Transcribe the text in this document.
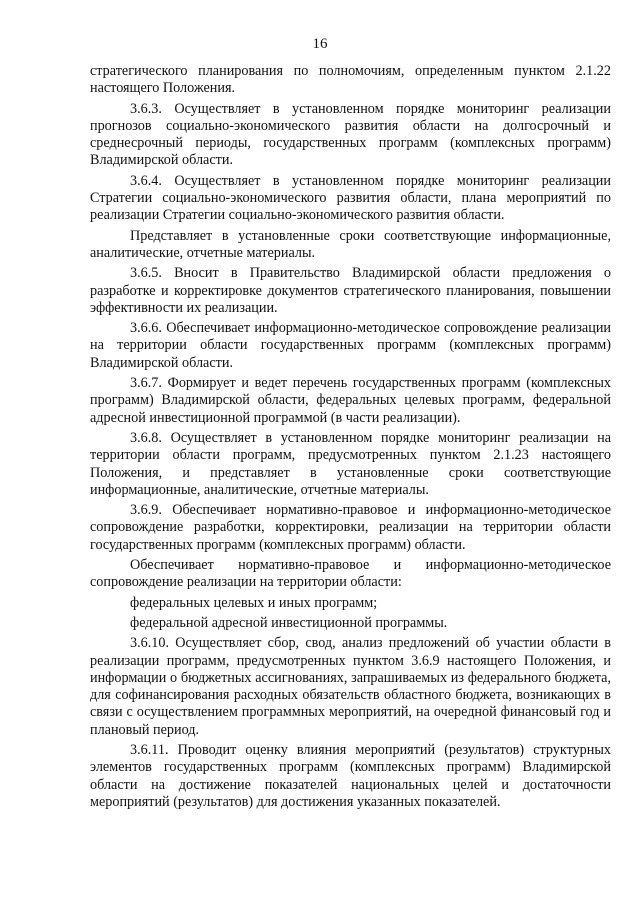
16

стратегического планирования по полномочиям, определенным пунктом 2.1.22 настоящего Положения.

3.6.3. Осуществляет в установленном порядке мониторинг реализации прогнозов социально-экономического развития области на долгосрочный и среднесрочный периоды, государственных программ (комплексных программ) Владимирской области.

3.6.4. Осуществляет в установленном порядке мониторинг реализации Стратегии социально-экономического развития области, плана мероприятий по реализации Стратегии социально-экономического развития области.

Представляет в установленные сроки соответствующие информационные, аналитические, отчетные материалы.

3.6.5. Вносит в Правительство Владимирской области предложения о разработке и корректировке документов стратегического планирования, повышении эффективности их реализации.

3.6.6. Обеспечивает информационно-методическое сопровождение реализации на территории области государственных программ (комплексных программ) Владимирской области.

3.6.7. Формирует и ведет перечень государственных программ (комплексных программ) Владимирской области, федеральных целевых программ, федеральной адресной инвестиционной программой (в части реализации).

3.6.8. Осуществляет в установленном порядке мониторинг реализации на территории области программ, предусмотренных пунктом 2.1.23 настоящего Положения, и представляет в установленные сроки соответствующие информационные, аналитические, отчетные материалы.

3.6.9. Обеспечивает нормативно-правовое и информационно-методическое сопровождение разработки, корректировки, реализации на территории области государственных программ (комплексных программ) области.

Обеспечивает нормативно-правовое и информационно-методическое сопровождение реализации на территории области:

федеральных целевых и иных программ;

федеральной адресной инвестиционной программы.

3.6.10. Осуществляет сбор, свод, анализ предложений об участии области в реализации программ, предусмотренных пунктом 3.6.9 настоящего Положения, и информации о бюджетных ассигнованиях, запрашиваемых из федерального бюджета, для софинансирования расходных обязательств областного бюджета, возникающих в связи с осуществлением программных мероприятий, на очередной финансовый год и плановый период.

3.6.11. Проводит оценку влияния мероприятий (результатов) структурных элементов государственных программ (комплексных программ) Владимирской области на достижение показателей национальных целей и достаточности мероприятий (результатов) для достижения указанных показателей.
